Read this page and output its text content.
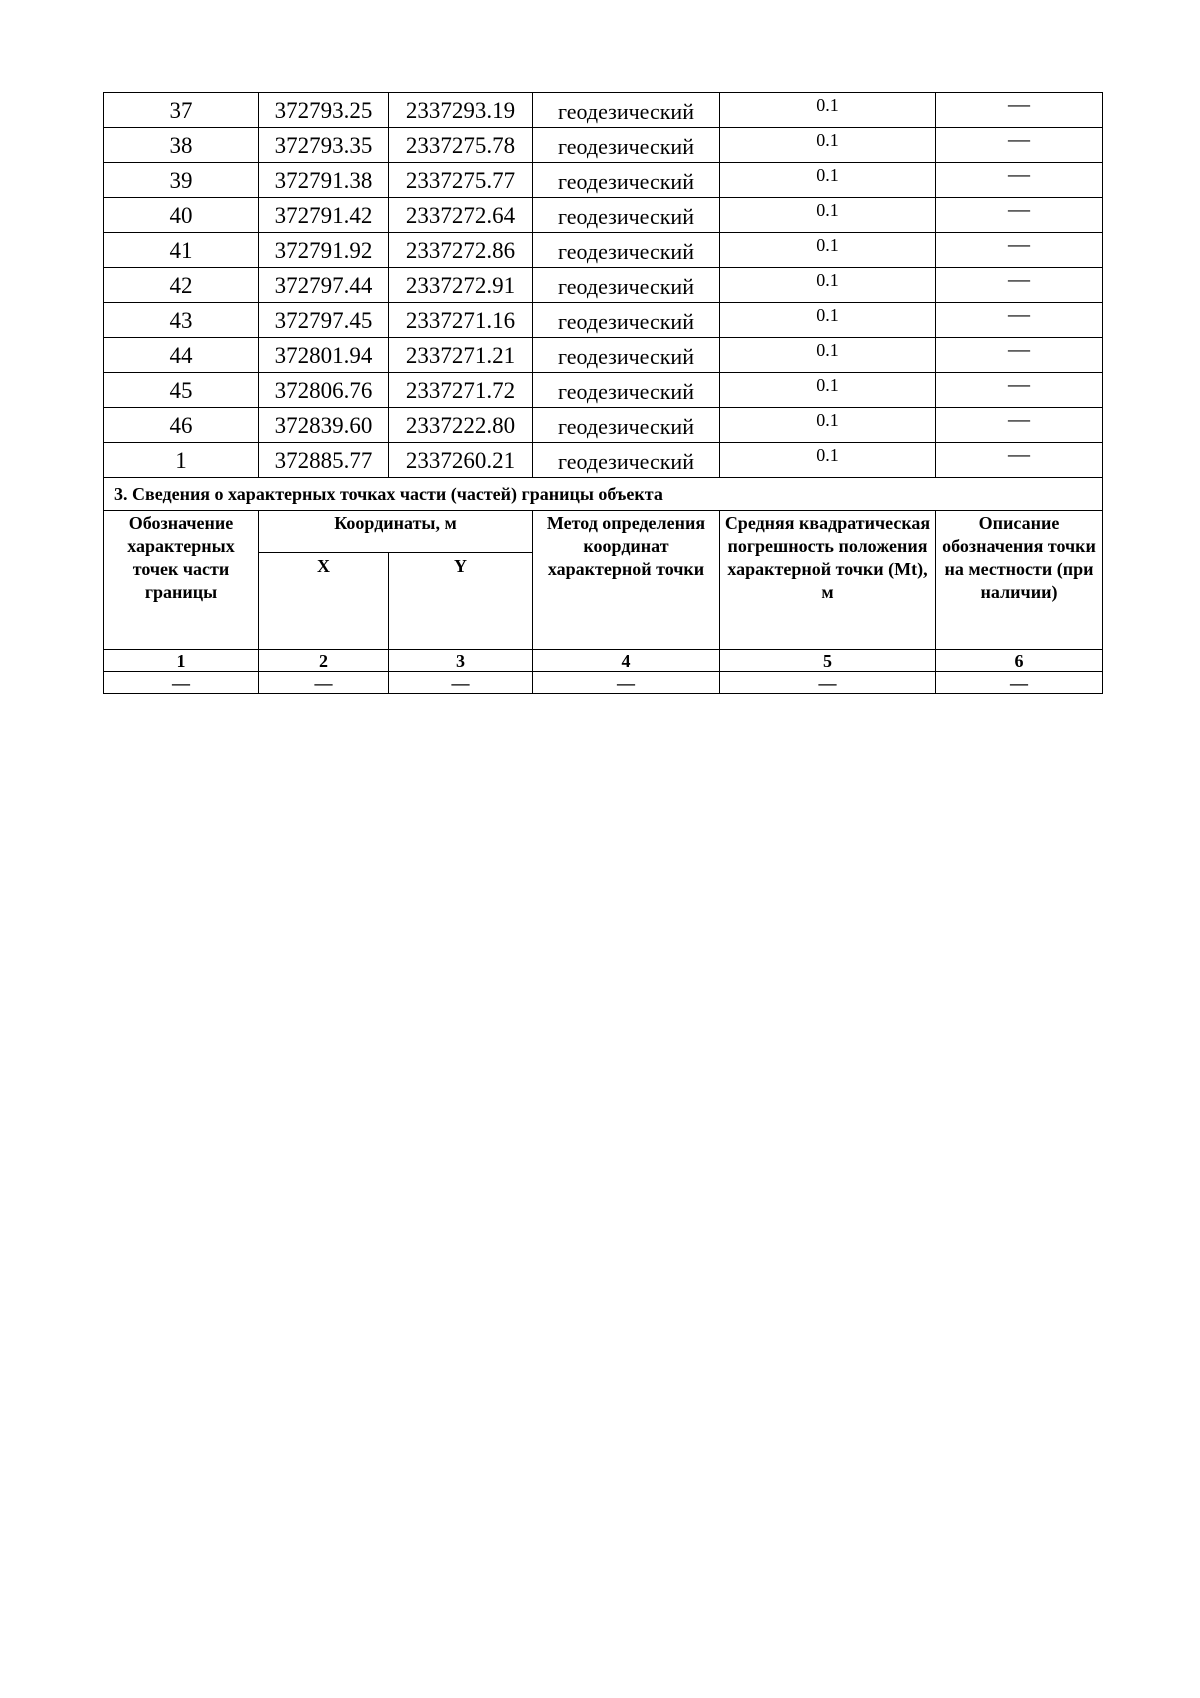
37	372793.25	2337293.19	геодезический	0.1	—
38	372793.35	2337275.78	геодезический	0.1	—
39	372791.38	2337275.77	геодезический	0.1	—
40	372791.42	2337272.64	геодезический	0.1	—
41	372791.92	2337272.86	геодезический	0.1	—
42	372797.44	2337272.91	геодезический	0.1	—
43	372797.45	2337271.16	геодезический	0.1	—
44	372801.94	2337271.21	геодезический	0.1	—
45	372806.76	2337271.72	геодезический	0.1	—
46	372839.60	2337222.80	геодезический	0.1	—
1	372885.77	2337260.21	геодезический	0.1	—
3. Сведения о характерных точках части (частей) границы объекта					
Обозначение характерных точек части границы	Координаты, м		Метод определения координат характерной точки	Средняя квадратическая погрешность положения характерной точки (Mt), м	Описание обозначения точки на местности (при наличии)
	X	Y			
1	2	3	4	5	6
—	—	—	—	—	—
